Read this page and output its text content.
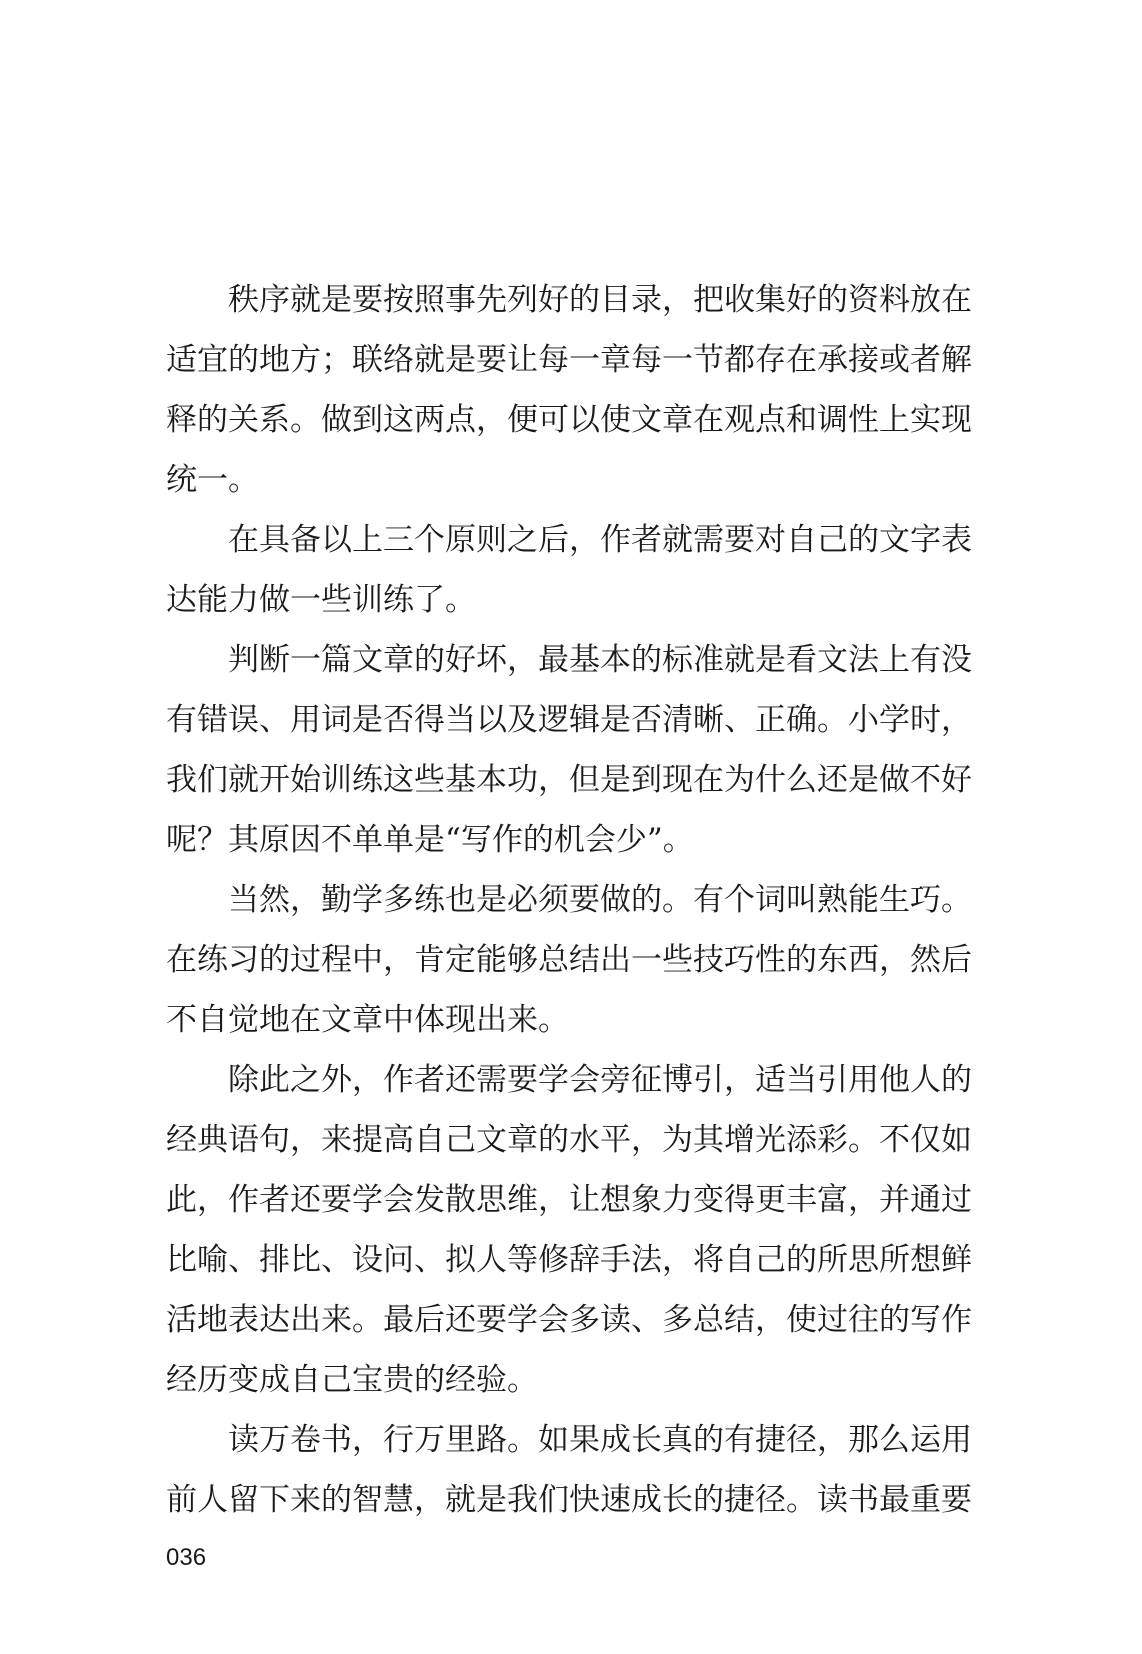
秩序就是要按照事先列好的目录，把收集好的资料放在
适宜的地方；联络就是要让每一章每一节都存在承接或者解
释的关系。做到这两点，便可以使文章在观点和调性上实现
统一。
在具备以上三个原则之后，作者就需要对自己的文字表
达能力做一些训练了。
判断一篇文章的好坏，最基本的标准就是看文法上有没
有错误、用词是否得当以及逻辑是否清晰、正确。小学时，
我们就开始训练这些基本功，但是到现在为什么还是做不好
呢？其原因不单单是“写作的机会少”。
当然，勤学多练也是必须要做的。有个词叫熟能生巧。
在练习的过程中，肯定能够总结出一些技巧性的东西，然后
不自觉地在文章中体现出来。
除此之外，作者还需要学会旁征博引，适当引用他人的
经典语句，来提高自己文章的水平，为其增光添彩。不仅如
此，作者还要学会发散思维，让想象力变得更丰富，并通过
比喻、排比、设问、拟人等修辞手法，将自己的所思所想鲜
活地表达出来。最后还要学会多读、多总结，使过往的写作
经历变成自己宝贵的经验。
读万卷书，行万里路。如果成长真的有捷径，那么运用
前人留下来的智慧，就是我们快速成长的捷径。读书最重要
036
